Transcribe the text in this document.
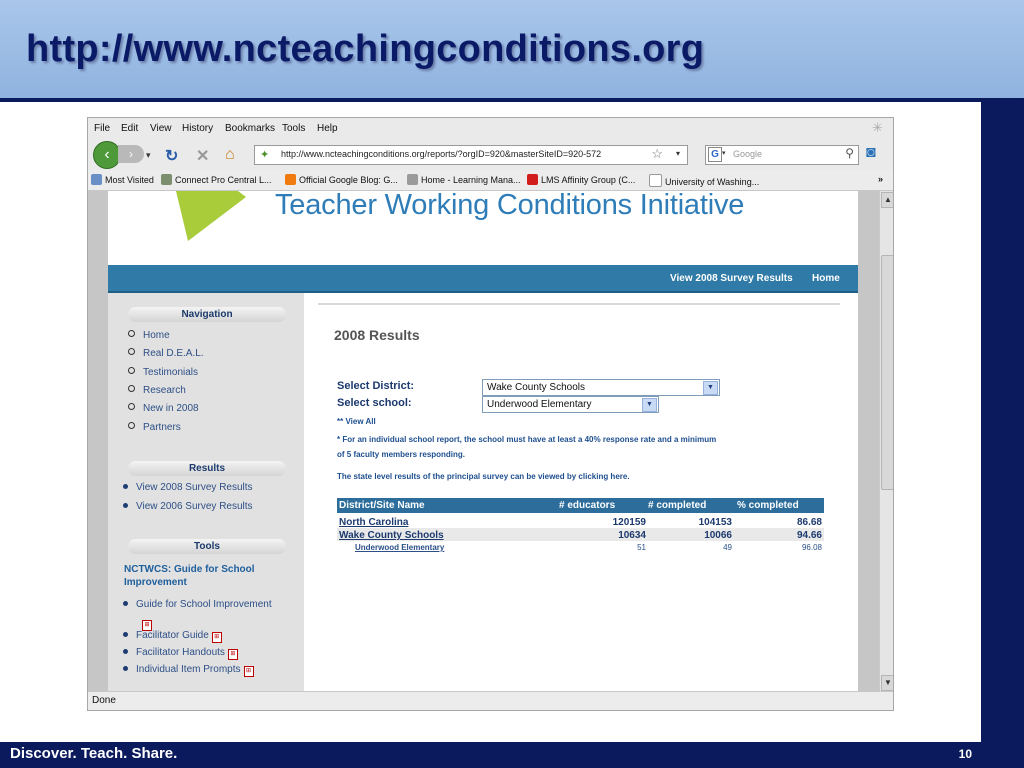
http://www.ncteachingconditions.org
File Edit View History Bookmarks Tools Help	✳
‹	›	▾ ↻ ✕ ⌂ ✦ http://www.ncteachingconditions.org/reports/?orgID=920&masterSiteID=920-572	☆ ▾	G ▾ Google	⚲ ◙
Most Visited	Connect Pro Central L...	Official Google Blog: G...	Home - Learning Mana...	LMS Affinity Group (C...	University of Washing...	»
Teacher Working Conditions Initiative
View 2008 Survey Results Home
Navigation
Home
Real D.E.A.L.
Testimonials
Research
New in 2008
Partners
Results
View 2008 Survey Results
View 2006 Survey Results
Tools
NCTWCS: Guide for School Improvement
Guide for School Improvement
⊞
Facilitator Guide ⊞
Facilitator Handouts ⊞
Individual Item Prompts ⊞
2008 Results
Select District:	Wake County Schools	▼
Select school:	Underwood Elementary	▼
** View All
* For an individual school report, the school must have at least a 40% response rate and a minimum
of 5 faculty members responding.
The state level results of the principal survey can be viewed by clicking here.
District/Site Name	# educators	# completed	% completed
North Carolina	120159	104153	86.68
Wake County Schools	10634	10066	94.66
Underwood Elementary	51	49	96.08
▲
▼
Done
Discover. Teach. Share.	10
